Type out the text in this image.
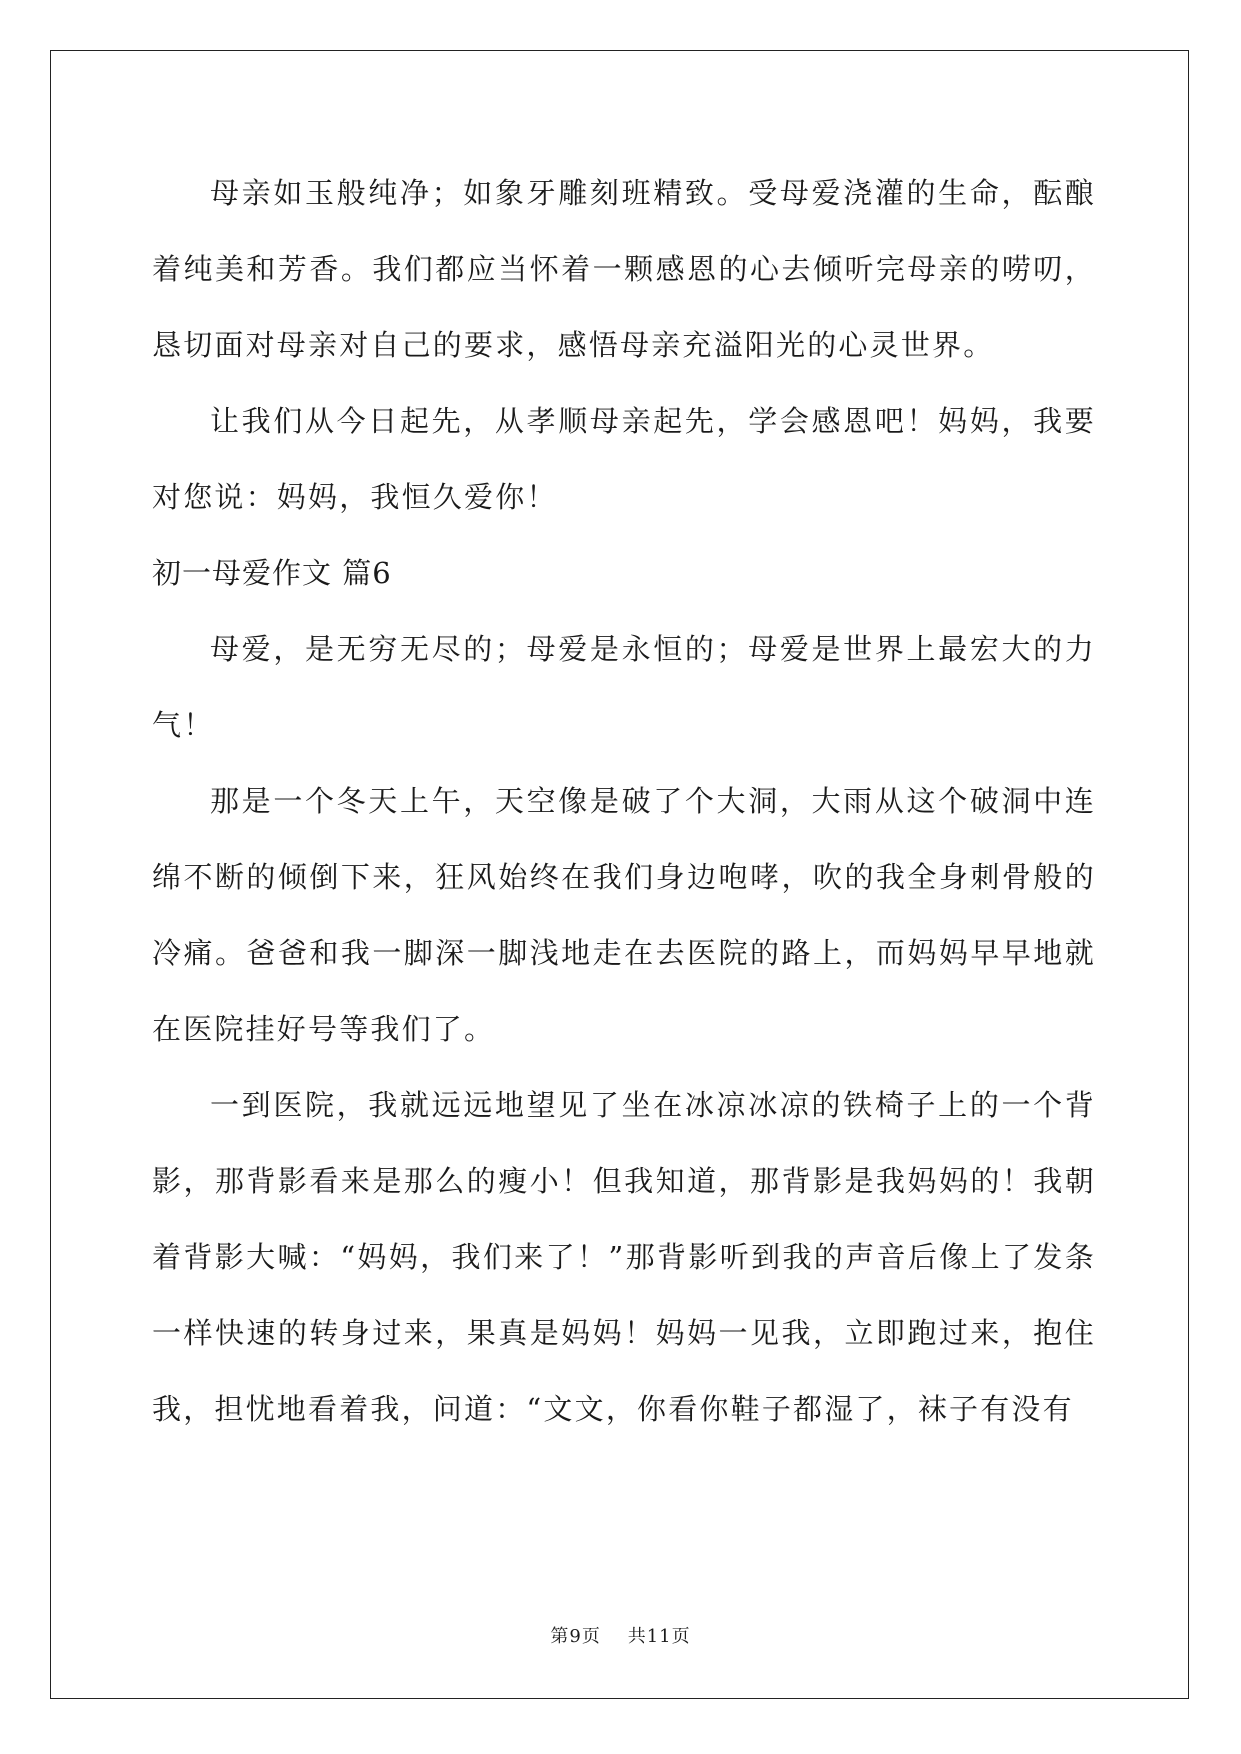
母亲如玉般纯净；如象牙雕刻班精致。受母爱浇灌的生命，酝酿着纯美和芳香。我们都应当怀着一颗感恩的心去倾听完母亲的唠叨，恳切面对母亲对自己的要求，感悟母亲充溢阳光的心灵世界。

让我们从今日起先，从孝顺母亲起先，学会感恩吧！妈妈，我要对您说：妈妈，我恒久爱你！

初一母爱作文 篇6

母爱，是无穷无尽的；母爱是永恒的；母爱是世界上最宏大的力气！

那是一个冬天上午，天空像是破了个大洞，大雨从这个破洞中连绵不断的倾倒下来，狂风始终在我们身边咆哮，吹的我全身刺骨般的冷痛。爸爸和我一脚深一脚浅地走在去医院的路上，而妈妈早早地就在医院挂好号等我们了。

一到医院，我就远远地望见了坐在冰凉冰凉的铁椅子上的一个背影，那背影看来是那么的瘦小！但我知道，那背影是我妈妈的！我朝着背影大喊：“妈妈，我们来了！”那背影听到我的声音后像上了发条一样快速的转身过来，果真是妈妈！妈妈一见我，立即跑过来，抱住我，担忧地看着我，问道：“文文，你看你鞋子都湿了，袜子有没有

第9页 共11页
